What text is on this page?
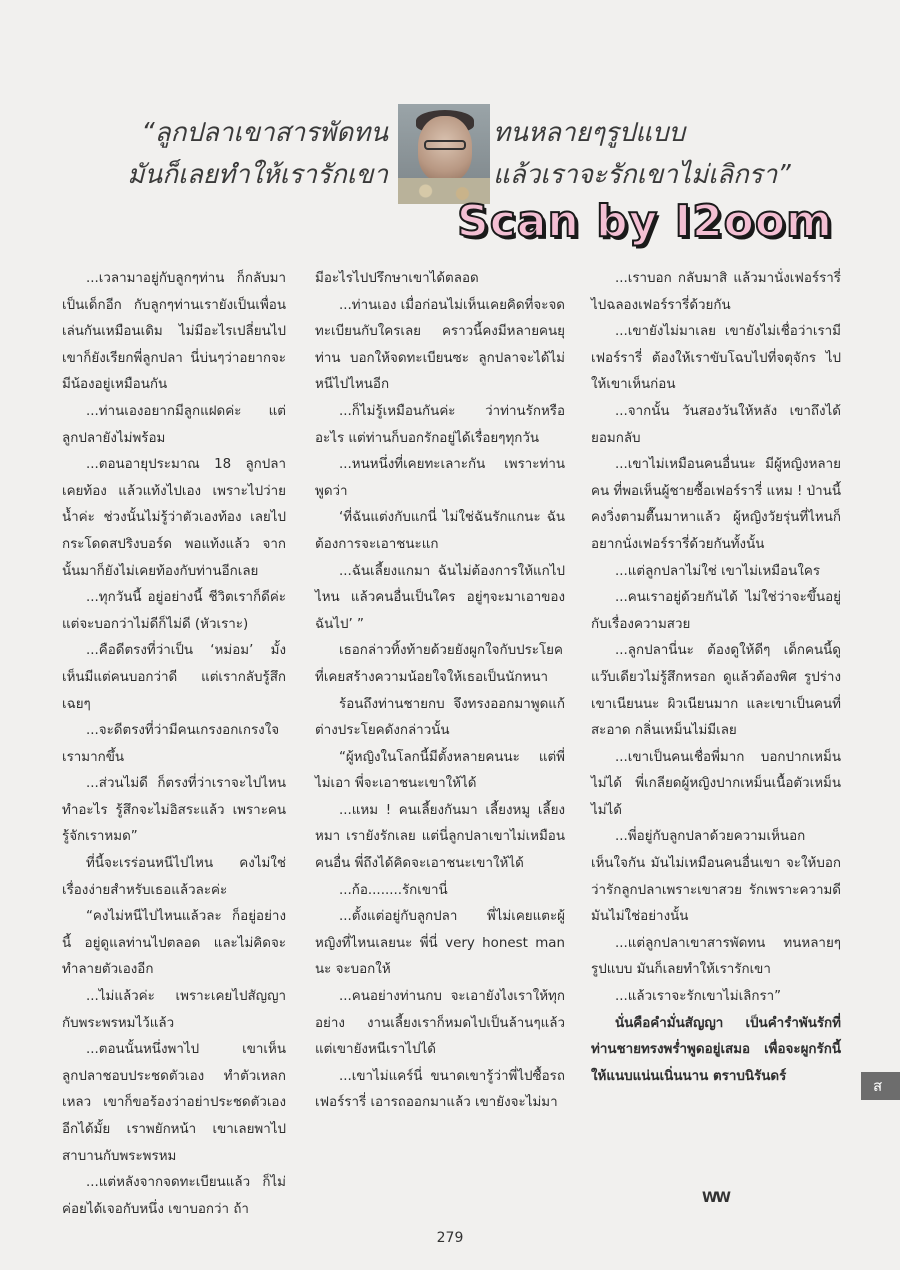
“ลูกปลาเขาสารพัดทน
มันก็เลยทำให้เรารักเขา
ทนหลายๆรูปแบบ
แล้วเราจะรักเขาไม่เลิกรา”
Scan by I2oom

...เวลามาอยู่กับลูกๆท่าน ก็กลับมาเป็นเด็กอีก กับลูกๆท่านเรายังเป็นเพื่อนเล่นกันเหมือนเดิม ไม่มีอะไรเปลี่ยนไป เขาก็ยังเรียกพี่ลูกปลา นี่บ่นๆว่าอยากจะมีน้องอยู่เหมือนกัน

...ท่านเองอยากมีลูกแฝดค่ะ แต่ลูกปลายังไม่พร้อม

...ตอนอายุประมาณ 18 ลูกปลาเคยท้อง แล้วแท้งไปเอง เพราะไปว่ายน้ำค่ะ ช่วงนั้นไม่รู้ว่าตัวเองท้อง เลยไปกระโดดสปริงบอร์ด พอแท้งแล้ว จากนั้นมาก็ยังไม่เคยท้องกับท่านอีกเลย

...ทุกวันนี้ อยู่อย่างนี้ ชีวิตเราก็ดีค่ะ แต่จะบอกว่าไม่ดีก็ไม่ดี (หัวเราะ)

...คือดีตรงที่ว่าเป็น ‘หม่อม’ มั้ง เห็นมีแต่คนบอกว่าดี แต่เรากลับรู้สึกเฉยๆ

...จะดีตรงที่ว่ามีคนเกรงอกเกรงใจเรามากขึ้น

...ส่วนไม่ดี ก็ตรงที่ว่าเราจะไปไหน ทำอะไร รู้สึกจะไม่อิสระแล้ว เพราะคนรู้จักเราหมด”

ที่นี้จะเรร่อนหนีไปไหน คงไม่ใช่เรื่องง่ายสำหรับเธอแล้วละค่ะ

“คงไม่หนีไปไหนแล้วละ ก็อยู่อย่างนี้ อยู่ดูแลท่านไปตลอด และไม่คิดจะทำลายตัวเองอีก

...ไม่แล้วค่ะ เพราะเคยไปสัญญากับพระพรหมไว้แล้ว

...ตอนนั้นหนึ่งพาไป เขาเห็นลูกปลาชอบประชดตัวเอง ทำตัวเหลกเหลว เขาก็ขอร้องว่าอย่าประชดตัวเองอีกได้มั้ย เราพยักหน้า เขาเลยพาไปสาบานกับพระพรหม

...แต่หลังจากจดทะเบียนแล้ว ก็ไม่ค่อยได้เจอกับหนึ่ง เขาบอกว่า ถ้า

มีอะไรไปปรึกษาเขาได้ตลอด

...ท่านเอง เมื่อก่อนไม่เห็นเคยคิดที่จะจดทะเบียนกับใครเลย คราวนี้คงมีหลายคนยุท่าน บอกให้จดทะเบียนซะ ลูกปลาจะได้ไม่หนีไปไหนอีก

...ก็ไม่รู้เหมือนกันค่ะ ว่าท่านรักหรืออะไร แต่ท่านก็บอกรักอยู่ได้เรื่อยๆทุกวัน

...หนหนึ่งที่เคยทะเลาะกัน เพราะท่านพูดว่า

‘ที่ฉันแต่งกับแกนี่ ไม่ใช่ฉันรักแกนะ ฉันต้องการจะเอาชนะแก

...ฉันเลี้ยงแกมา ฉันไม่ต้องการให้แกไปไหน แล้วคนอื่นเป็นใคร อยู่ๆจะมาเอาของฉันไป’ ”

เธอกล่าวทิ้งท้ายด้วยยังผูกใจกับประโยคที่เคยสร้างความน้อยใจให้เธอเป็นนักหนา

ร้อนถึงท่านชายกบ จึงทรงออกมาพูดแก้ต่างประโยคดังกล่าวนั้น

“ผู้หญิงในโลกนี้มีตั้งหลายคนนะ แต่พี่ไม่เอา พี่จะเอาชนะเขาให้ได้

...แหม ! คนเลี้ยงกันมา เลี้ยงหมู เลี้ยงหมา เรายังรักเลย แต่นี่ลูกปลาเขาไม่เหมือนคนอื่น พี่ถึงได้คิดจะเอาชนะเขาให้ได้

...ก้อ........รักเขานี่

...ตั้งแต่อยู่กับลูกปลา พี่ไม่เคยแตะผู้หญิงที่ไหนเลยนะ พี่นี่ very honest man นะ จะบอกให้

...คนอย่างท่านกบ จะเอายังไงเราให้ทุกอย่าง งานเลี้ยงเราก็หมดไปเป็นล้านๆแล้ว แต่เขายังหนีเราไปได้

...เขาไม่แคร์นี่ ขนาดเขารู้ว่าพี่ไปซื้อรถเฟอร์รารี่ เอารถออกมาแล้ว เขายังจะไม่มา

...เราบอก กลับมาสิ แล้วมานั่งเฟอร์รารี่ ไปฉลองเฟอร์รารี่ด้วยกัน

...เขายังไม่มาเลย เขายังไม่เชื่อว่าเรามีเฟอร์รารี่ ต้องให้เราขับโฉบไปที่จตุจักร ไปให้เขาเห็นก่อน

...จากนั้น วันสองวันให้หลัง เขาถึงได้ยอมกลับ

...เขาไม่เหมือนคนอื่นนะ มีผู้หญิงหลายคน ที่พอเห็นผู้ชายซื้อเฟอร์รารี่ แหม ! ป่านนี้คงวิ่งตามตื๊นมาหาแล้ว ผู้หญิงวัยรุ่นที่ไหนก็อยากนั่งเฟอร์รารี่ด้วยกันทั้งนั้น

...แต่ลูกปลาไม่ใช่ เขาไม่เหมือนใคร

...คนเราอยู่ด้วยกันได้ ไม่ใช่ว่าจะขึ้นอยู่กับเรื่องความสวย

...ลูกปลานี่นะ ต้องดูให้ดีๆ เด็กคนนี้ดูแว๊บเดียวไม่รู้สึกหรอก ดูแล้วต้องพิศ รูปร่างเขาเนียนนะ ผิวเนียนมาก และเขาเป็นคนที่สะอาด กลิ่นเหม็นไม่มีเลย

...เขาเป็นคนเชื่อพี่มาก บอกปากเหม็นไม่ได้ พี่เกลียดผู้หญิงปากเหม็นเนื้อตัวเหม็นไม่ได้

...พี่อยู่กับลูกปลาด้วยความเห็นอกเห็นใจกัน มันไม่เหมือนคนอื่นเขา จะให้บอกว่ารักลูกปลาเพราะเขาสวย รักเพราะความดี มันไม่ใช่อย่างนั้น

...แต่ลูกปลาเขาสารพัดทน ทนหลายๆรูปแบบ มันก็เลยทำให้เรารักเขา

...แล้วเราจะรักเขาไม่เลิกรา”

นั่นคือคำมั่นสัญญา เป็นคำรำพันรักที่ท่านชายทรงพร่ำพูดอยู่เสมอ เพื่อจะผูกรักนี้ให้แนบแน่นเนิ่นนาน ตราบนิรันดร์

ส
WW
279
